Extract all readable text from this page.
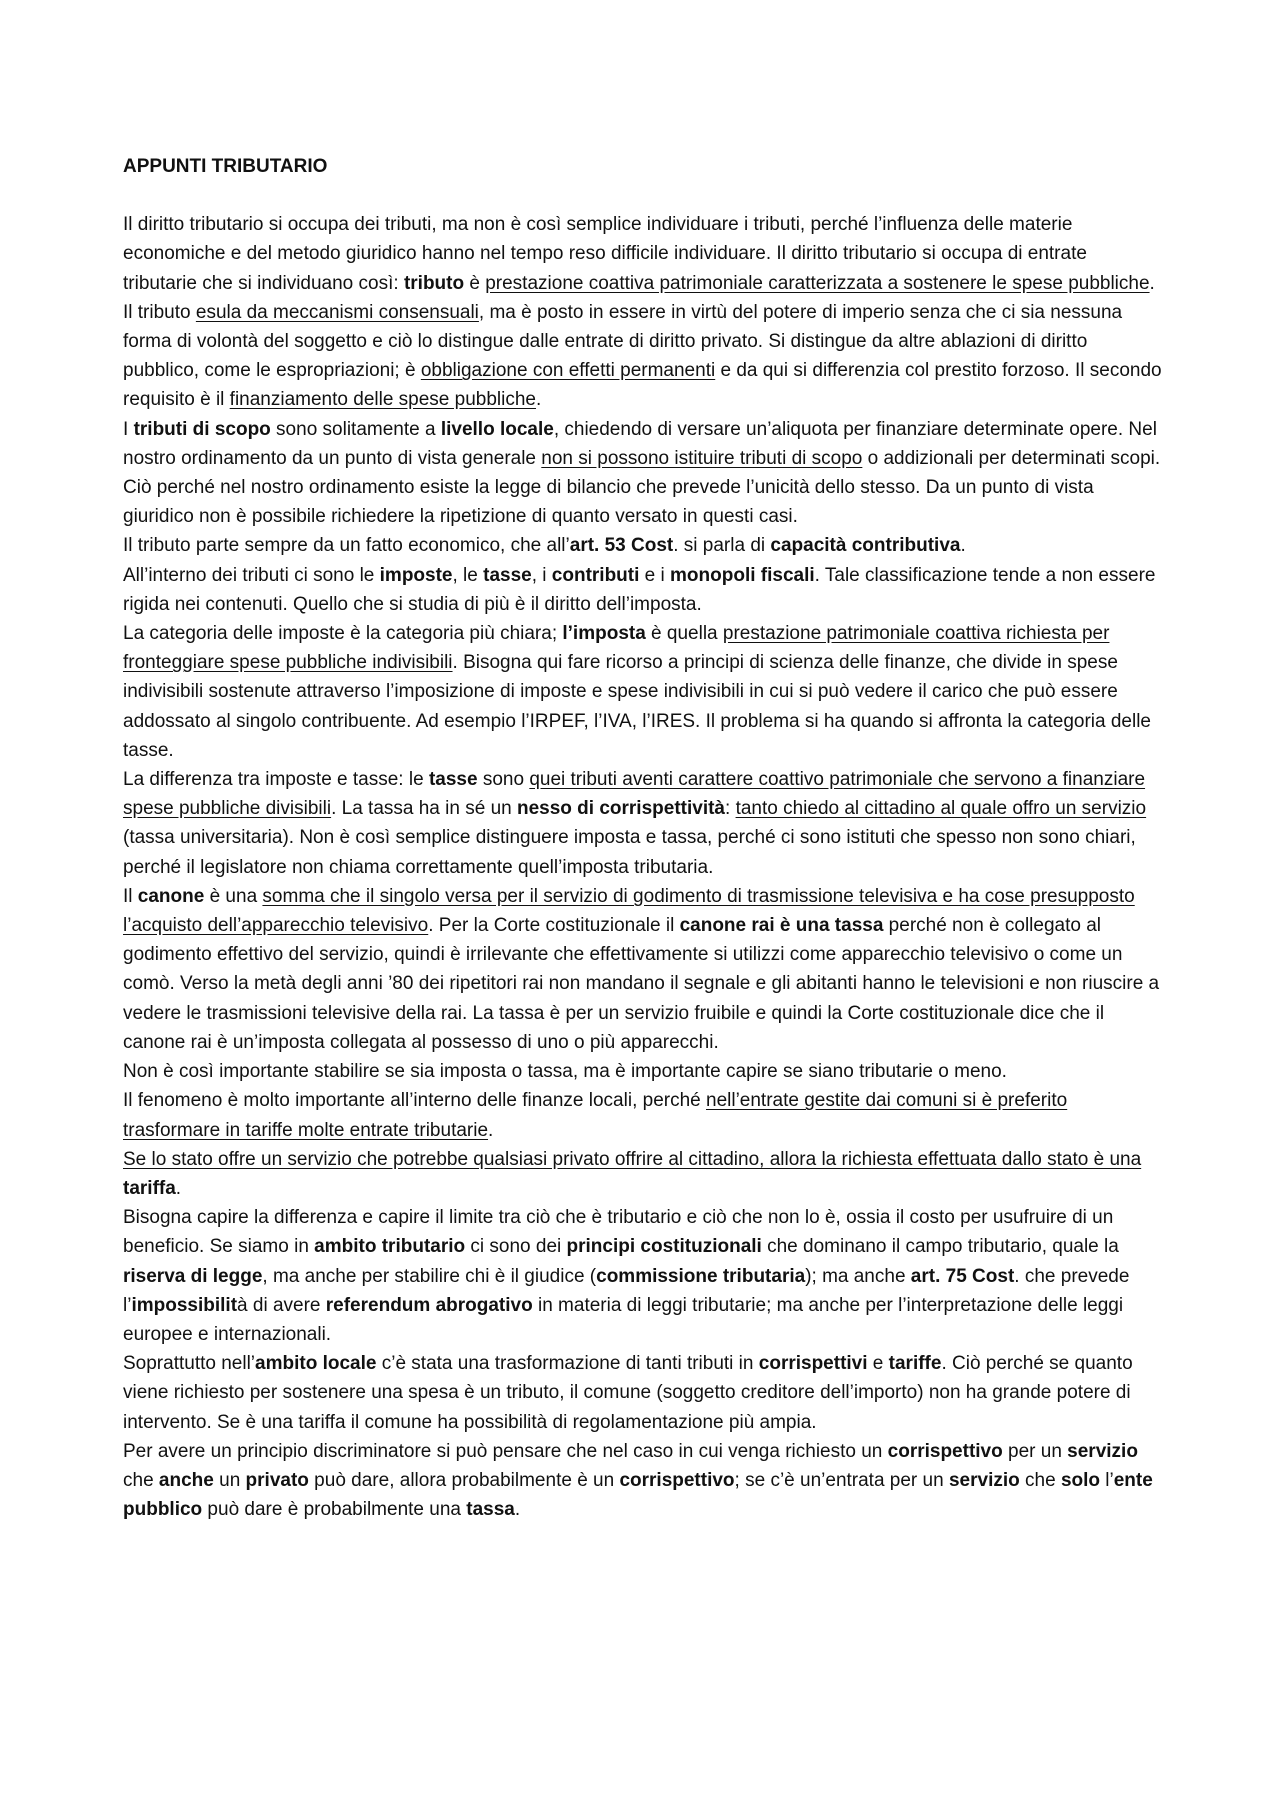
APPUNTI TRIBUTARIO

Il diritto tributario si occupa dei tributi, ma non è così semplice individuare i tributi, perché l’influenza delle materie economiche e del metodo giuridico hanno nel tempo reso difficile individuare. Il diritto tributario si occupa di entrate tributarie che si individuano così: tributo è prestazione coattiva patrimoniale caratterizzata a sostenere le spese pubbliche. Il tributo esula da meccanismi consensuali, ma è posto in essere in virtù del potere di imperio senza che ci sia nessuna forma di volontà del soggetto e ciò lo distingue dalle entrate di diritto privato. Si distingue da altre ablazioni di diritto pubblico, come le espropriazioni; è obbligazione con effetti permanenti e da qui si differenzia col prestito forzoso. Il secondo requisito è il finanziamento delle spese pubbliche.

I tributi di scopo sono solitamente a livello locale, chiedendo di versare un’aliquota per finanziare determinate opere. Nel nostro ordinamento da un punto di vista generale non si possono istituire tributi di scopo o addizionali per determinati scopi. Ciò perché nel nostro ordinamento esiste la legge di bilancio che prevede l’unicità dello stesso. Da un punto di vista giuridico non è possibile richiedere la ripetizione di quanto versato in questi casi.

Il tributo parte sempre da un fatto economico, che all’art. 53 Cost. si parla di capacità contributiva.

All’interno dei tributi ci sono le imposte, le tasse, i contributi e i monopoli fiscali. Tale classificazione tende a non essere rigida nei contenuti. Quello che si studia di più è il diritto dell’imposta.

La categoria delle imposte è la categoria più chiara; l’imposta è quella prestazione patrimoniale coattiva richiesta per fronteggiare spese pubbliche indivisibili. Bisogna qui fare ricorso a principi di scienza delle finanze, che divide in spese indivisibili sostenute attraverso l’imposizione di imposte e spese indivisibili in cui si può vedere il carico che può essere addossato al singolo contribuente. Ad esempio l’IRPEF, l’IVA, l’IRES. Il problema si ha quando si affronta la categoria delle tasse.

La differenza tra imposte e tasse: le tasse sono quei tributi aventi carattere coattivo patrimoniale che servono a finanziare spese pubbliche divisibili. La tassa ha in sé un nesso di corrispettività: tanto chiedo al cittadino al quale offro un servizio (tassa universitaria). Non è così semplice distinguere imposta e tassa, perché ci sono istituti che spesso non sono chiari, perché il legislatore non chiama correttamente quell’imposta tributaria.

Il canone è una somma che il singolo versa per il servizio di godimento di trasmissione televisiva e ha cose presupposto l’acquisto dell’apparecchio televisivo. Per la Corte costituzionale il canone rai è una tassa perché non è collegato al godimento effettivo del servizio, quindi è irrilevante che effettivamente si utilizzi come apparecchio televisivo o come un comò. Verso la metà degli anni ’80 dei ripetitori rai non mandano il segnale e gli abitanti hanno le televisioni e non riuscire a vedere le trasmissioni televisive della rai. La tassa è per un servizio fruibile e quindi la Corte costituzionale dice che il canone rai è un’imposta collegata al possesso di uno o più apparecchi.

Non è così importante stabilire se sia imposta o tassa, ma è importante capire se siano tributarie o meno.

Il fenomeno è molto importante all’interno delle finanze locali, perché nell’entrate gestite dai comuni si è preferito trasformare in tariffe molte entrate tributarie.

Se lo stato offre un servizio che potrebbe qualsiasi privato offrire al cittadino, allora la richiesta effettuata dallo stato è una tariffa.

Bisogna capire la differenza e capire il limite tra ciò che è tributario e ciò che non lo è, ossia il costo per usufruire di un beneficio. Se siamo in ambito tributario ci sono dei principi costituzionali che dominano il campo tributario, quale la riserva di legge, ma anche per stabilire chi è il giudice (commissione tributaria); ma anche art. 75 Cost. che prevede l’impossibilità di avere referendum abrogativo in materia di leggi tributarie; ma anche per l’interpretazione delle leggi europee e internazionali.

Soprattutto nell’ambito locale c’è stata una trasformazione di tanti tributi in corrispettivi e tariffe. Ciò perché se quanto viene richiesto per sostenere una spesa è un tributo, il comune (soggetto creditore dell’importo) non ha grande potere di intervento. Se è una tariffa il comune ha possibilità di regolamentazione più ampia.

Per avere un principio discriminatore si può pensare che nel caso in cui venga richiesto un corrispettivo per un servizio che anche un privato può dare, allora probabilmente è un corrispettivo; se c’è un’entrata per un servizio che solo l’ente pubblico può dare è probabilmente una tassa.
